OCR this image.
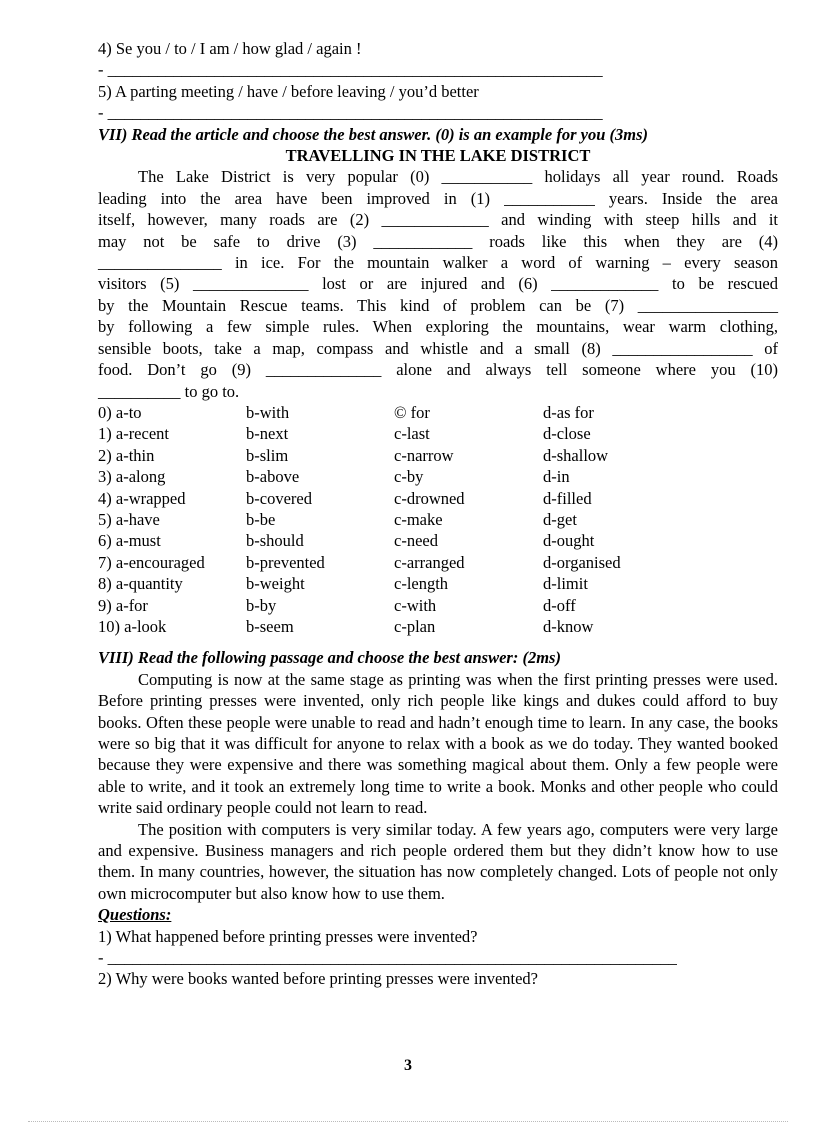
4) Se you / to / I am / how glad / again !
- ____________________________________________________________
5) A parting meeting / have / before leaving / you’d better
- ____________________________________________________________
VII) Read the article and choose the best answer. (0) is an example for you (3ms)
TRAVELLING IN THE LAKE DISTRICT
The Lake District is very popular (0) ___________ holidays all year round. Roads
leading into the area have been improved in (1) ___________ years. Inside the area
itself, however, many roads are (2) _____________ and winding with steep hills and it
may not be safe to drive (3) ____________ roads like this when they are (4)
_______________ in ice. For the mountain walker a word of warning – every season
visitors (5) ______________ lost or are injured and (6) _____________ to be rescued
by the Mountain Rescue teams. This kind of problem can be (7) _________________
by following a few simple rules. When exploring the mountains, wear warm clothing,
sensible boots, take a map, compass and whistle and a small (8) _________________ of
food. Don’t go (9) ______________ alone and always tell someone where you (10)
__________ to go to.
0) a-to	b-with	© for	d-as for
1) a-recent	b-next	c-last	d-close
2) a-thin	b-slim	c-narrow	d-shallow
3) a-along	b-above	c-by	d-in
4) a-wrapped	b-covered	c-drowned	d-filled
5) a-have	b-be	c-make	d-get
6) a-must	b-should	c-need	d-ought
7) a-encouraged	b-prevented	c-arranged	d-organised
8) a-quantity	b-weight	c-length	d-limit
9) a-for	b-by	c-with	d-off
10) a-look	b-seem	c-plan	d-know
VIII) Read the following passage and choose the best answer: (2ms)
Computing is now at the same stage as printing was when the first printing presses were used. Before printing presses were invented, only rich people like kings and dukes could afford to buy books. Often these people were unable to read and hadn’t enough time to learn. In any case, the books were so big that it was difficult for anyone to relax with a book as we do today. They wanted booked because they were expensive and there was something magical about them. Only a few people were able to write, and it took an extremely long time to write a book. Monks and other people who could write said ordinary people could not learn to read.
The position with computers is very similar today. A few years ago, computers were very large and expensive. Business managers and rich people ordered them but they didn’t know how to use them. In many countries, however, the situation has now completely changed. Lots of people not only own microcomputer but also know how to use them.
Questions:
1) What happened before printing presses were invented?
- _____________________________________________________________________
2) Why were books wanted before printing presses were invented?
3
